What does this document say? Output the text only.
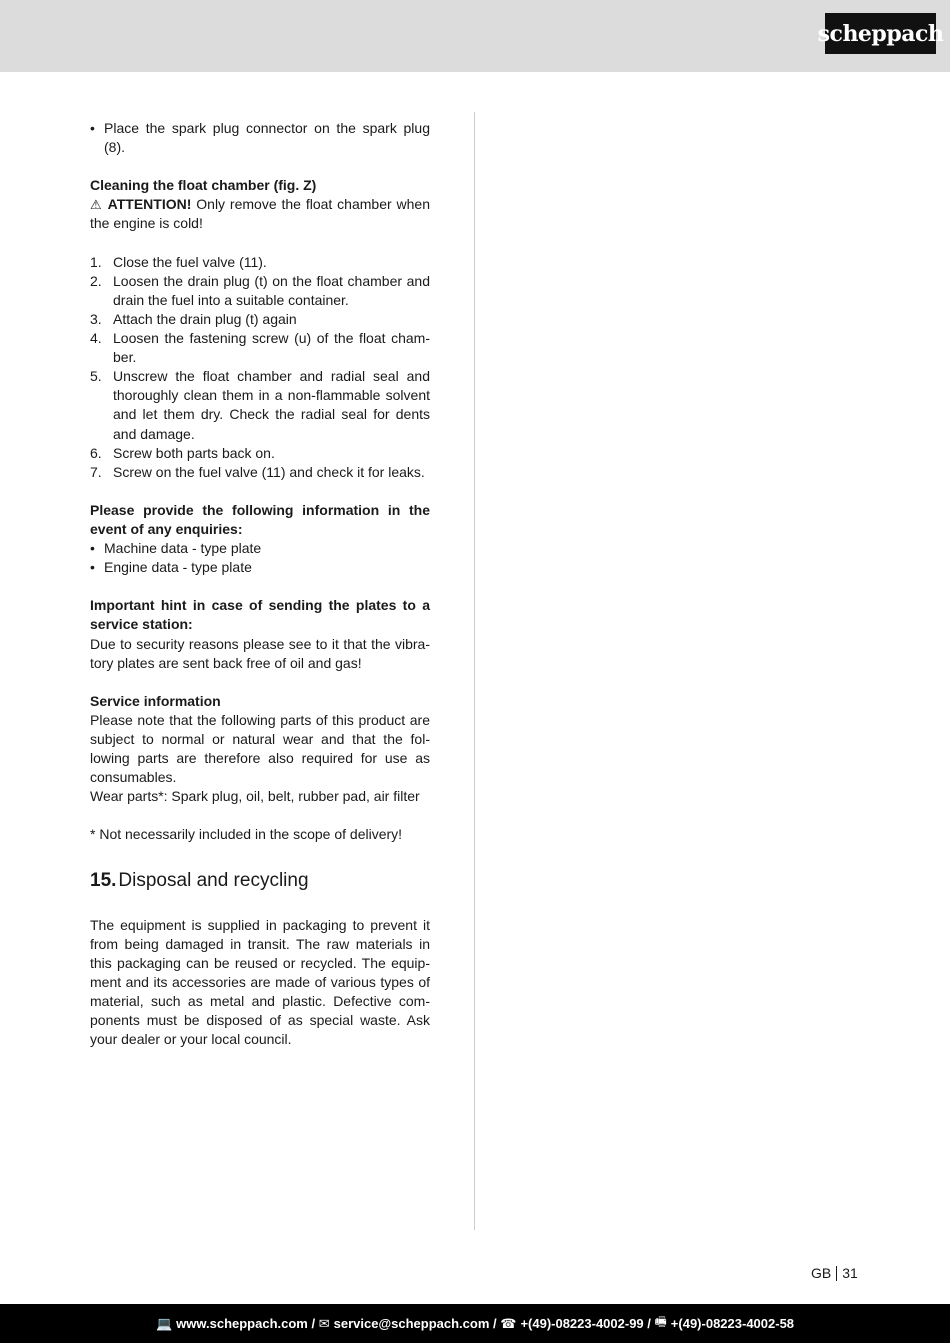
scheppach
• Place the spark plug connector on the spark plug (8).

Cleaning the float chamber (fig. Z)

⚠ ATTENTION! Only remove the float chamber when the engine is cold!

1. Close the fuel valve (11).
2. Loosen the drain plug (t) on the float chamber and drain the fuel into a suitable container.
3. Attach the drain plug (t) again
4. Loosen the fastening screw (u) of the float cham-ber.
5. Unscrew the float chamber and radial seal and thoroughly clean them in a non-flammable solvent and let them dry. Check the radial seal for dents and damage.
6. Screw both parts back on.
7. Screw on the fuel valve (11) and check it for leaks.

Please provide the following information in the event of any enquiries:

• Machine data - type plate
• Engine data - type plate

Important hint in case of sending the plates to a service station:

Due to security reasons please see to it that the vibra-tory plates are sent back free of oil and gas!

Service information

Please note that the following parts of this product are subject to normal or natural wear and that the fol-lowing parts are therefore also required for use as consumables.

Wear parts*: Spark plug, oil, belt, rubber pad, air filter

* Not necessarily included in the scope of delivery!

15. Disposal and recycling

The equipment is supplied in packaging to prevent it from being damaged in transit. The raw materials in this packaging can be reused or recycled. The equip-ment and its accessories are made of various types of material, such as metal and plastic. Defective com-ponents must be disposed of as special waste. Ask your dealer or your local council.

GB 31
💻 www.scheppach.com / ✉ service@scheppach.com / ☎ +(49)-08223-4002-99 / 🖷 +(49)-08223-4002-58
